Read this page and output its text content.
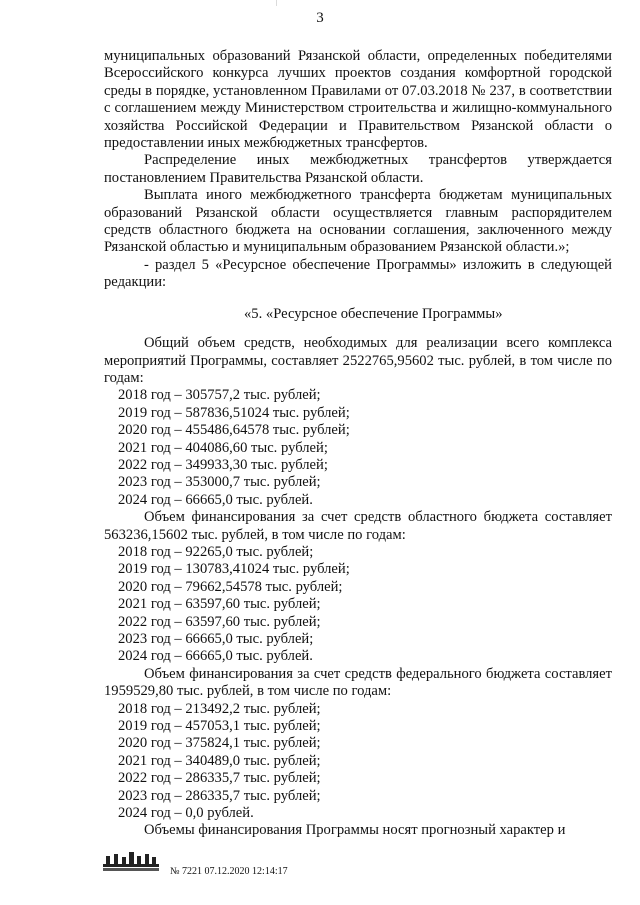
3

муниципальных образований Рязанской области, определенных победителями Всероссийского конкурса лучших проектов создания комфортной городской среды в порядке, установленном Правилами от 07.03.2018 № 237, в соответствии с соглашением между Министерством строительства и жилищно-коммунального хозяйства Российской Федерации и Правительством Рязанской области о предоставлении иных межбюджетных трансфертов.

Распределение иных межбюджетных трансфертов утверждается постановлением Правительства Рязанской области.

Выплата иного межбюджетного трансферта бюджетам муниципальных образований Рязанской области осуществляется главным распорядителем средств областного бюджета на основании соглашения, заключенного между Рязанской областью и муниципальным образованием Рязанской области.»;

- раздел 5 «Ресурсное обеспечение Программы» изложить в следующей редакции:

«5. «Ресурсное обеспечение Программы»

Общий объем средств, необходимых для реализации всего комплекса мероприятий Программы, составляет 2522765,95602 тыс. рублей, в том числе по годам:

2018 год – 305757,2 тыс. рублей;

2019 год – 587836,51024 тыс. рублей;

2020 год – 455486,64578 тыс. рублей;

2021 год – 404086,60 тыс. рублей;

2022 год – 349933,30 тыс. рублей;

2023 год – 353000,7 тыс. рублей;

2024 год – 66665,0 тыс. рублей.

Объем финансирования за счет средств областного бюджета составляет 563236,15602 тыс. рублей, в том числе по годам:

2018 год – 92265,0 тыс. рублей;

2019 год – 130783,41024 тыс. рублей;

2020 год – 79662,54578 тыс. рублей;

2021 год – 63597,60 тыс. рублей;

2022 год – 63597,60 тыс. рублей;

2023 год – 66665,0 тыс. рублей;

2024 год – 66665,0 тыс. рублей.

Объем финансирования за счет средств федерального бюджета составляет 1959529,80 тыс. рублей, в том числе по годам:

2018 год – 213492,2 тыс. рублей;

2019 год – 457053,1 тыс. рублей;

2020 год – 375824,1 тыс. рублей;

2021 год – 340489,0 тыс. рублей;

2022 год – 286335,7 тыс. рублей;

2023 год – 286335,7 тыс. рублей;

2024 год – 0,0 рублей.

Объемы финансирования Программы носят прогнозный характер и

№ 7221 07.12.2020 12:14:17
